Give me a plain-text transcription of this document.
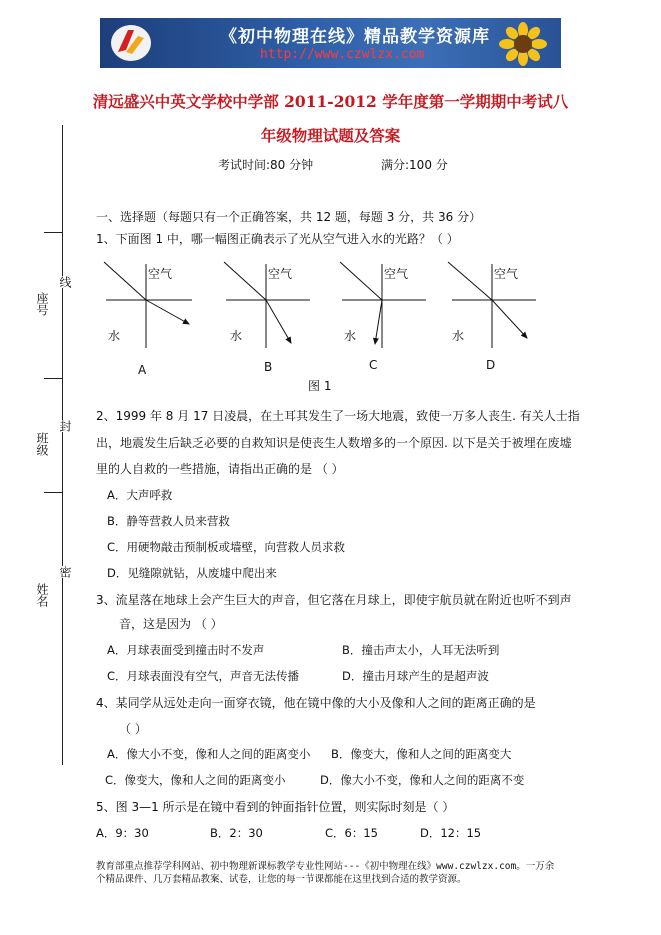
《初中物理在线》精品教学资源库
http://www.czwlzx.com
清远盛兴中英文学校中学部 2011-2012 学年度第一学期期中考试八
年级物理试题及答案
考试时间:80 分钟	满分:100 分
一、选择题（每题只有一个正确答案，共 12 题，每题 3 分，共 36 分）
1、下面图 1 中，哪一幅图正确表示了光从空气进入水的光路？（ ）
空气	空气	空气	空气
水	水	水	水
A	B	C	D
图 1
2、1999 年 8 月 17 日凌晨，在土耳其发生了一场大地震，致使一万多人丧生. 有关人士指
出，地震发生后缺乏必要的自救知识是使丧生人数增多的一个原因. 以下是关于被埋在废墟
里的人自救的一些措施，请指出正确的是 （ ）
A．大声呼救
B．静等营救人员来营救
C．用硬物敲击预制板或墙壁，向营救人员求救
D．见缝隙就钻，从废墟中爬出来
3、流星落在地球上会产生巨大的声音，但它落在月球上，即使宇航员就在附近也听不到声
音，这是因为 （ ）
A．月球表面受到撞击时不发声	B．撞击声太小，人耳无法听到
C．月球表面没有空气，声音无法传播	D．撞击月球产生的是超声波
4、某同学从远处走向一面穿衣镜，他在镜中像的大小及像和人之间的距离正确的是
（ ）
A．像大小不变，像和人之间的距离变小 B．像变大，像和人之间的距离变大
C．像变大，像和人之间的距离变小	D．像大小不变，像和人之间的距离不变
5、图 3—1 所示是在镜中看到的钟面指针位置，则实际时刻是（ ）
A．9：30	B．2：30	C．6：15	D．12：15
座号
线
班级
封
姓名
密
教育部重点推荐学科网站、初中物理新课标教学专业性网站---《初中物理在线》www.czwlzx.com。一万余
个精品课件、几万套精品教案、试卷，让您的每一节课都能在这里找到合适的教学资源。
